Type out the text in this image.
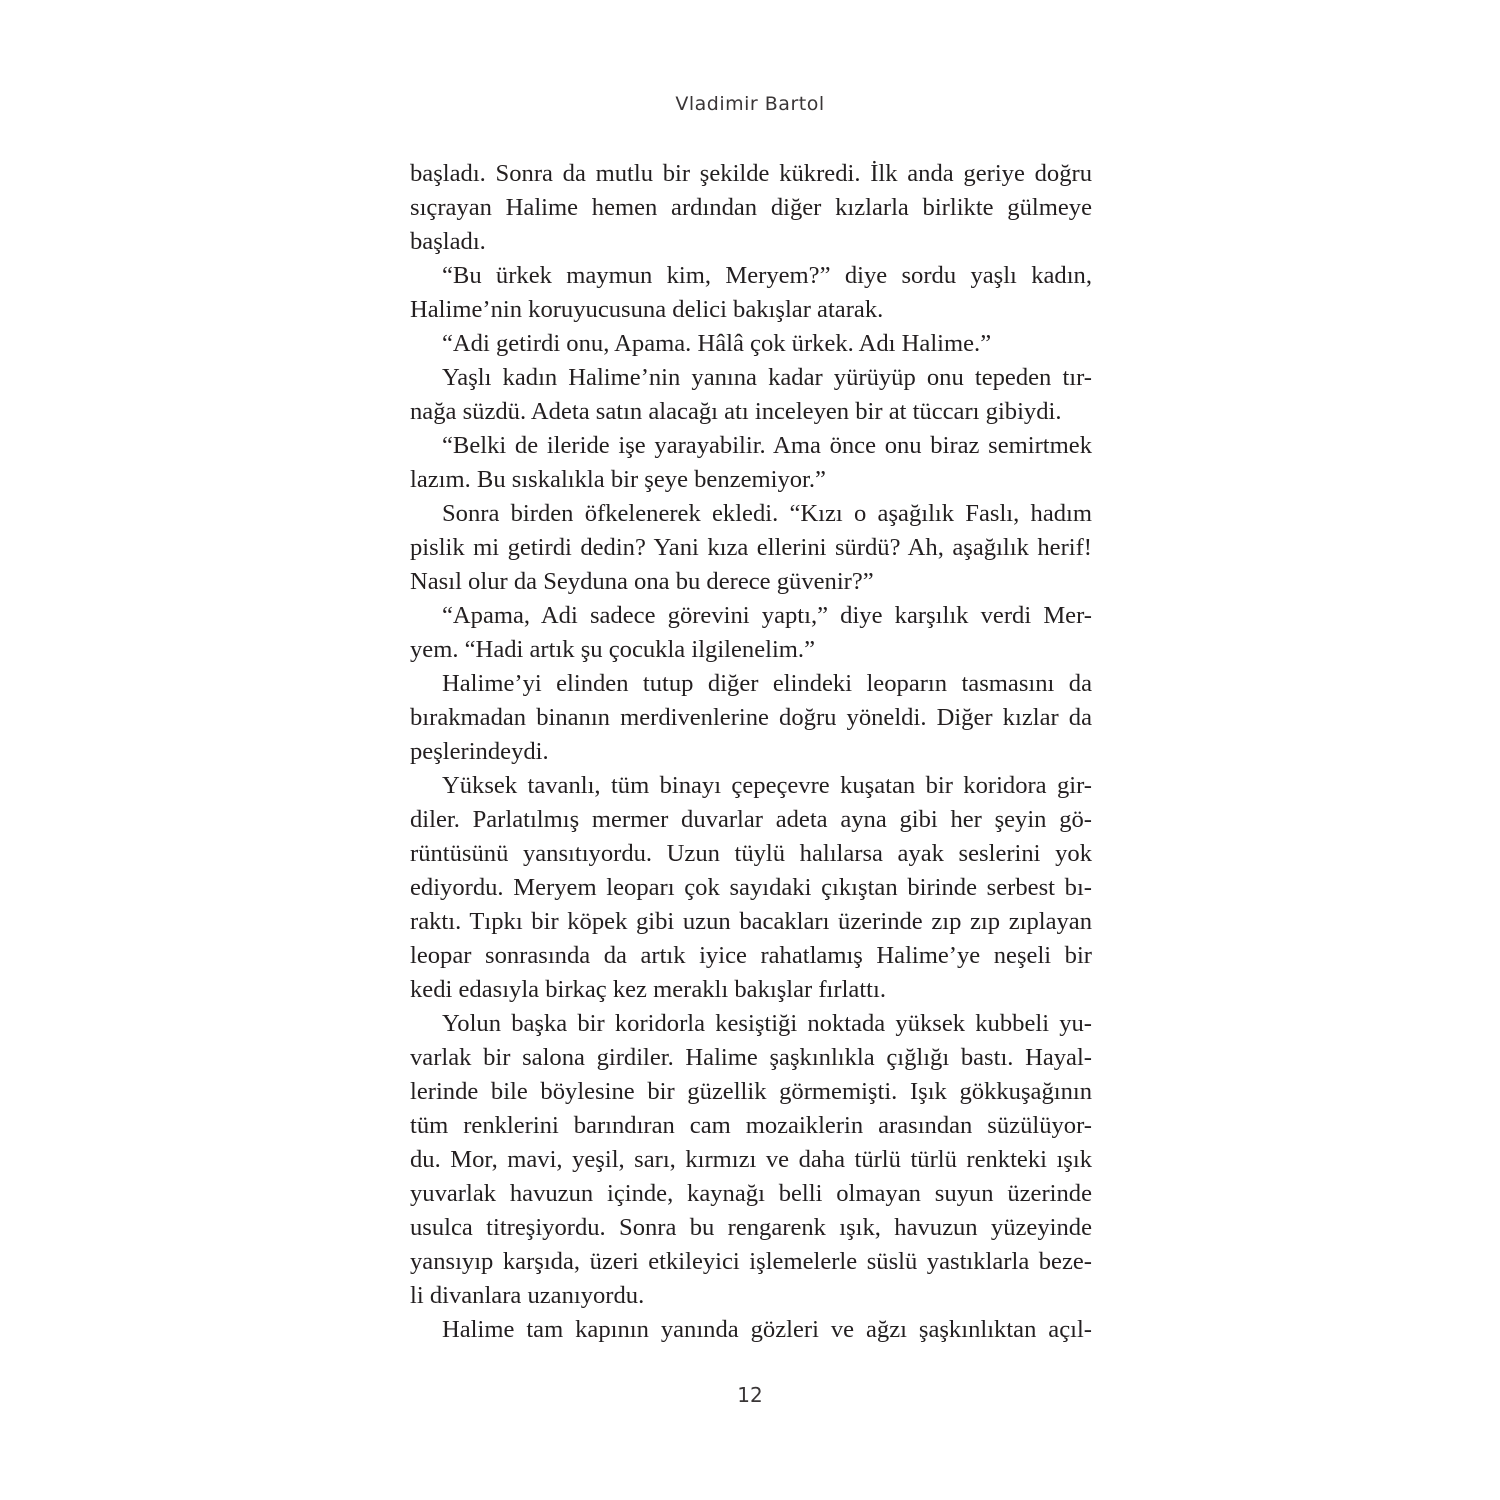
Vladimir Bartol
başladı. Sonra da mutlu bir şekilde kükredi. İlk anda geriye doğru
sıçrayan Halime hemen ardından diğer kızlarla birlikte gülmeye
başladı.
“Bu ürkek maymun kim, Meryem?” diye sordu yaşlı kadın,
Halime’nin koruyucusuna delici bakışlar atarak.
“Adi getirdi onu, Apama. Hâlâ çok ürkek. Adı Halime.”
Yaşlı kadın Halime’nin yanına kadar yürüyüp onu tepeden tır-
nağa süzdü. Adeta satın alacağı atı inceleyen bir at tüccarı gibiydi.
“Belki de ileride işe yarayabilir. Ama önce onu biraz semirtmek
lazım. Bu sıskalıkla bir şeye benzemiyor.”
Sonra birden öfkelenerek ekledi. “Kızı o aşağılık Faslı, hadım
pislik mi getirdi dedin? Yani kıza ellerini sürdü? Ah, aşağılık herif!
Nasıl olur da Seyduna ona bu derece güvenir?”
“Apama, Adi sadece görevini yaptı,” diye karşılık verdi Mer-
yem. “Hadi artık şu çocukla ilgilenelim.”
Halime’yi elinden tutup diğer elindeki leoparın tasmasını da
bırakmadan binanın merdivenlerine doğru yöneldi. Diğer kızlar da
peşlerindeydi.
Yüksek tavanlı, tüm binayı çepeçevre kuşatan bir koridora gir-
diler. Parlatılmış mermer duvarlar adeta ayna gibi her şeyin gö-
rüntüsünü yansıtıyordu. Uzun tüylü halılarsa ayak seslerini yok
ediyordu. Meryem leoparı çok sayıdaki çıkıştan birinde serbest bı-
raktı. Tıpkı bir köpek gibi uzun bacakları üzerinde zıp zıp zıplayan
leopar sonrasında da artık iyice rahatlamış Halime’ye neşeli bir
kedi edasıyla birkaç kez meraklı bakışlar fırlattı.
Yolun başka bir koridorla kesiştiği noktada yüksek kubbeli yu-
varlak bir salona girdiler. Halime şaşkınlıkla çığlığı bastı. Hayal-
lerinde bile böylesine bir güzellik görmemişti. Işık gökkuşağının
tüm renklerini barındıran cam mozaiklerin arasından süzülüyor-
du. Mor, mavi, yeşil, sarı, kırmızı ve daha türlü türlü renkteki ışık
yuvarlak havuzun içinde, kaynağı belli olmayan suyun üzerinde
usulca titreşiyordu. Sonra bu rengarenk ışık, havuzun yüzeyinde
yansıyıp karşıda, üzeri etkileyici işlemelerle süslü yastıklarla beze-
li divanlara uzanıyordu.
Halime tam kapının yanında gözleri ve ağzı şaşkınlıktan açıl-
12
